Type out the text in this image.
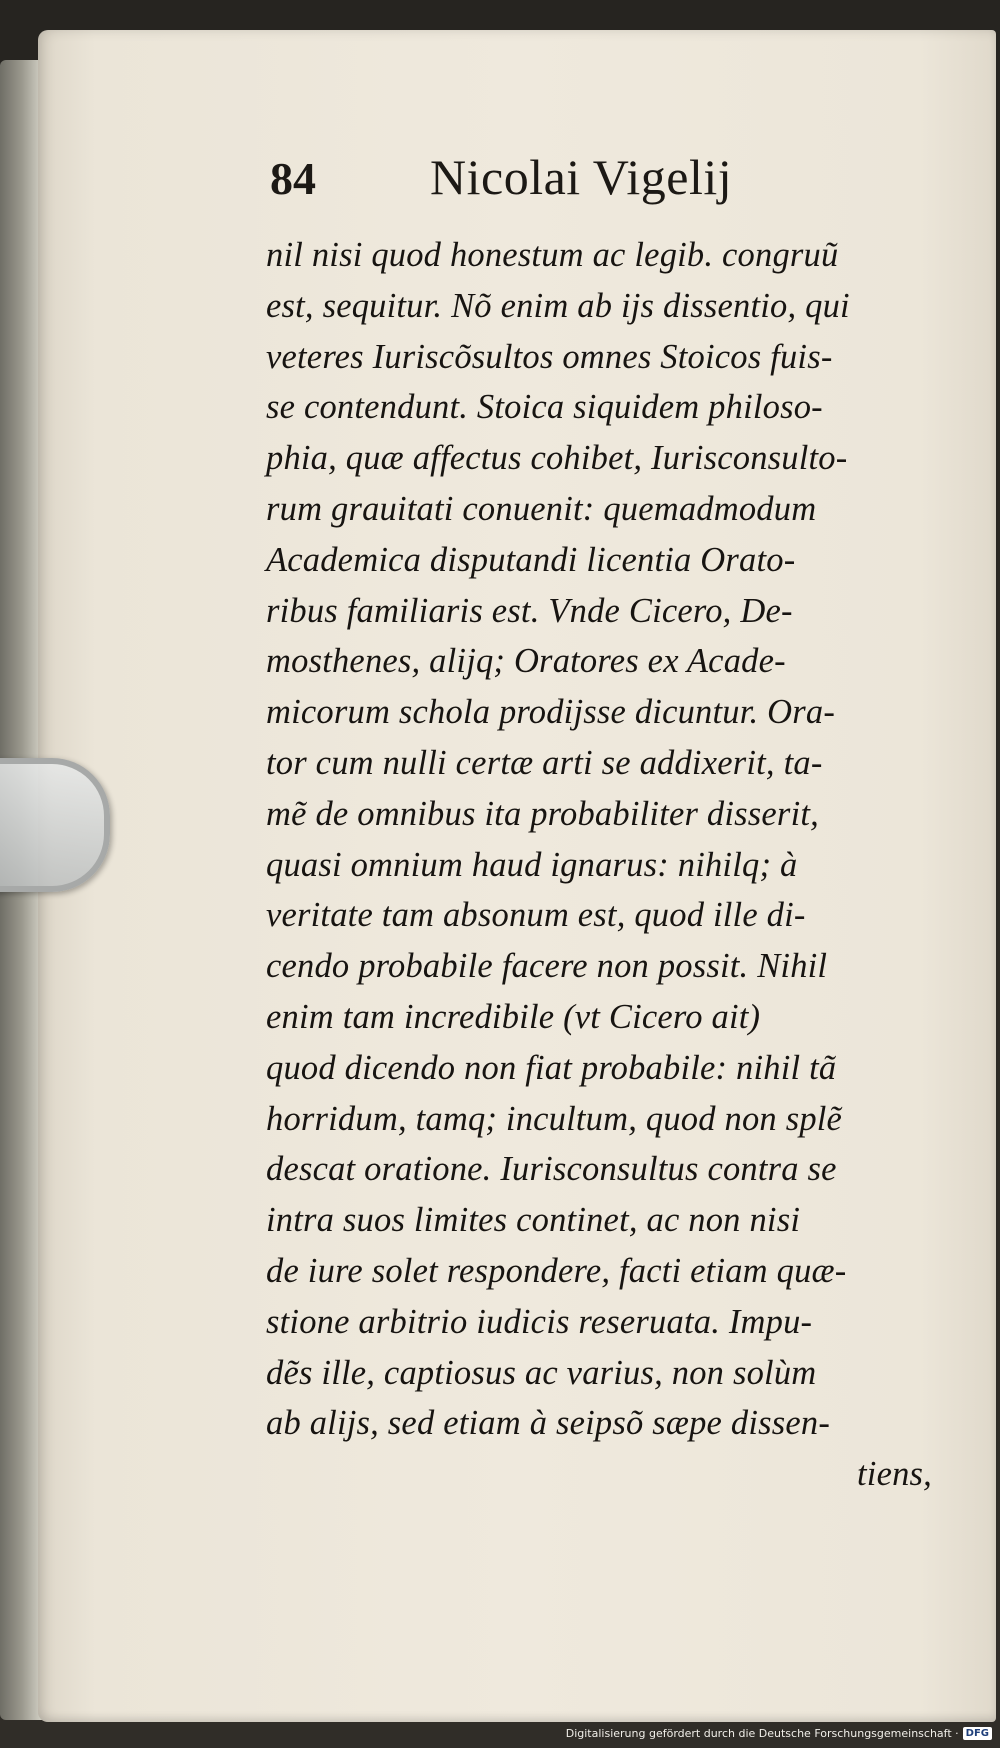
84	Nicolai Vigelij
nil nisi quod honestum ac legib. congruũ
est, sequitur. Nõ enim ab ijs dissentio, qui
veteres Iuriscõsultos omnes Stoicos fuis-
se contendunt. Stoica siquidem philoso-
phia, quæ affectus cohibet, Iurisconsulto-
rum grauitati conuenit: quemadmodum
Academica disputandi licentia Orato-
ribus familiaris est. Vnde Cicero, De-
mosthenes, aliјq; Oratores ex Acade-
micorum schola prodijsse dicuntur. Ora-
tor cum nulli certæ arti se addixerit, ta-
mẽ de omnibus ita probabiliter disserit,
quasi omnium haud ignarus: nihilq; à
veritate tam absonum est, quod ille di-
cendo probabile facere non possit. Nihil
enim tam incredibile (vt Cicero ait)
quod dicendo non fiat probabile: nihil tã
horridum, tamq; incultum, quod non splẽ
descat oratione. Iurisconsultus contra se
intra suos limites continet, ac non nisi
de iure solet respondere, facti etiam quæ-
stione arbitrio iudicis reseruata. Impu-
dẽs ille, captiosus ac varius, non solùm
ab alijs, sed etiam à seipsõ sæpe dissen-
tiens,
Digitalisierung gefördert durch die Deutsche Forschungsgemeinschaft · DFG
